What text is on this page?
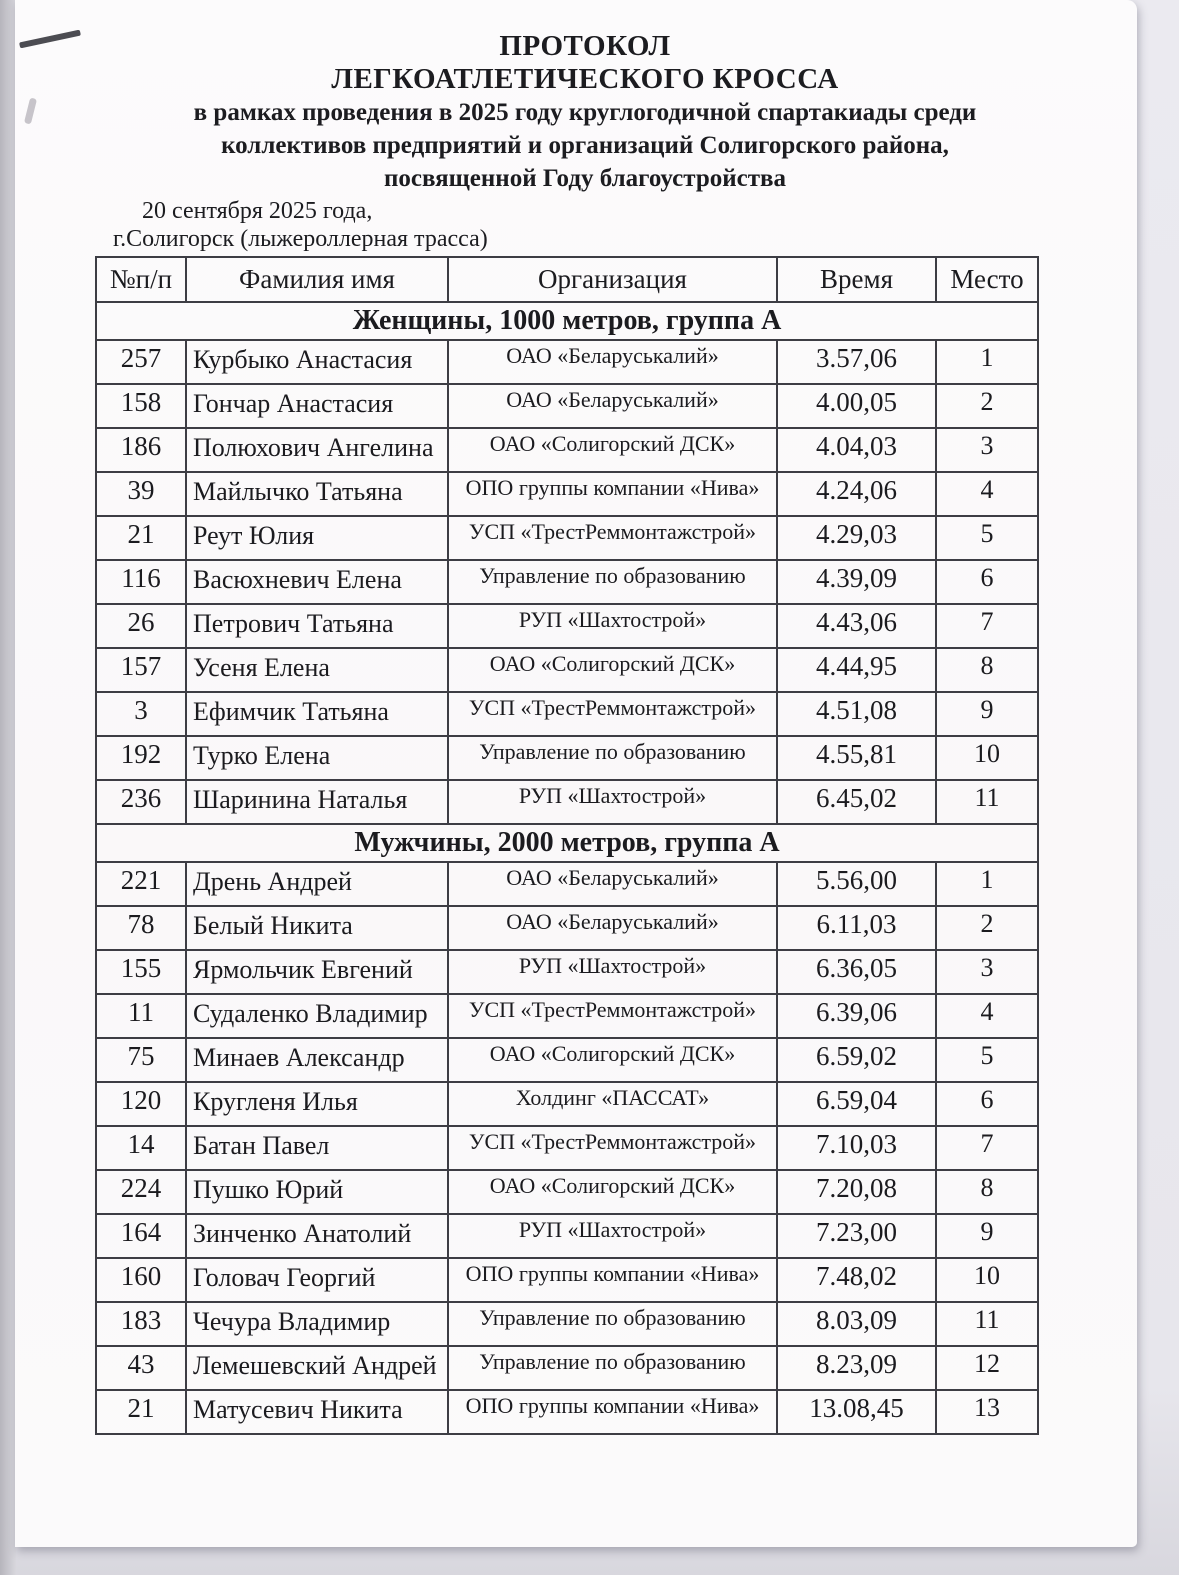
ПРОТОКОЛ
ЛЕГКОАТЛЕТИЧЕСКОГО КРОССА
в рамках проведения в 2025 году круглогодичной спартакиады среди
коллективов предприятий и организаций Солигорского района,
посвященной Году благоустройства
20 сентября 2025 года,
г.Солигорск (лыжероллерная трасса)
№п/п	Фамилия имя	Организация	Время	Место
Женщины, 1000 метров, группа А				
257	Курбыко Анастасия	ОАО «Беларуськалий»	3.57,06	1
158	Гончар Анастасия	ОАО «Беларуськалий»	4.00,05	2
186	Полюхович Ангелина	ОАО «Солигорский ДСК»	4.04,03	3
39	Майлычко Татьяна	ОПО группы компании «Нива»	4.24,06	4
21	Реут Юлия	УСП «ТрестРеммонтажстрой»	4.29,03	5
116	Васюхневич Елена	Управление по образованию	4.39,09	6
26	Петрович Татьяна	РУП «Шахтострой»	4.43,06	7
157	Усеня Елена	ОАО «Солигорский ДСК»	4.44,95	8
3	Ефимчик Татьяна	УСП «ТрестРеммонтажстрой»	4.51,08	9
192	Турко Елена	Управление по образованию	4.55,81	10
236	Шаринина Наталья	РУП «Шахтострой»	6.45,02	11
Мужчины, 2000 метров, группа А				
221	Дрень Андрей	ОАО «Беларуськалий»	5.56,00	1
78	Белый Никита	ОАО «Беларуськалий»	6.11,03	2
155	Ярмольчик Евгений	РУП «Шахтострой»	6.36,05	3
11	Судаленко Владимир	УСП «ТрестРеммонтажстрой»	6.39,06	4
75	Минаев Александр	ОАО «Солигорский ДСК»	6.59,02	5
120	Кругленя Илья	Холдинг «ПАССАТ»	6.59,04	6
14	Батан Павел	УСП «ТрестРеммонтажстрой»	7.10,03	7
224	Пушко Юрий	ОАО «Солигорский ДСК»	7.20,08	8
164	Зинченко Анатолий	РУП «Шахтострой»	7.23,00	9
160	Головач Георгий	ОПО группы компании «Нива»	7.48,02	10
183	Чечура Владимир	Управление по образованию	8.03,09	11
43	Лемешевский Андрей	Управление по образованию	8.23,09	12
21	Матусевич Никита	ОПО группы компании «Нива»	13.08,45	13
